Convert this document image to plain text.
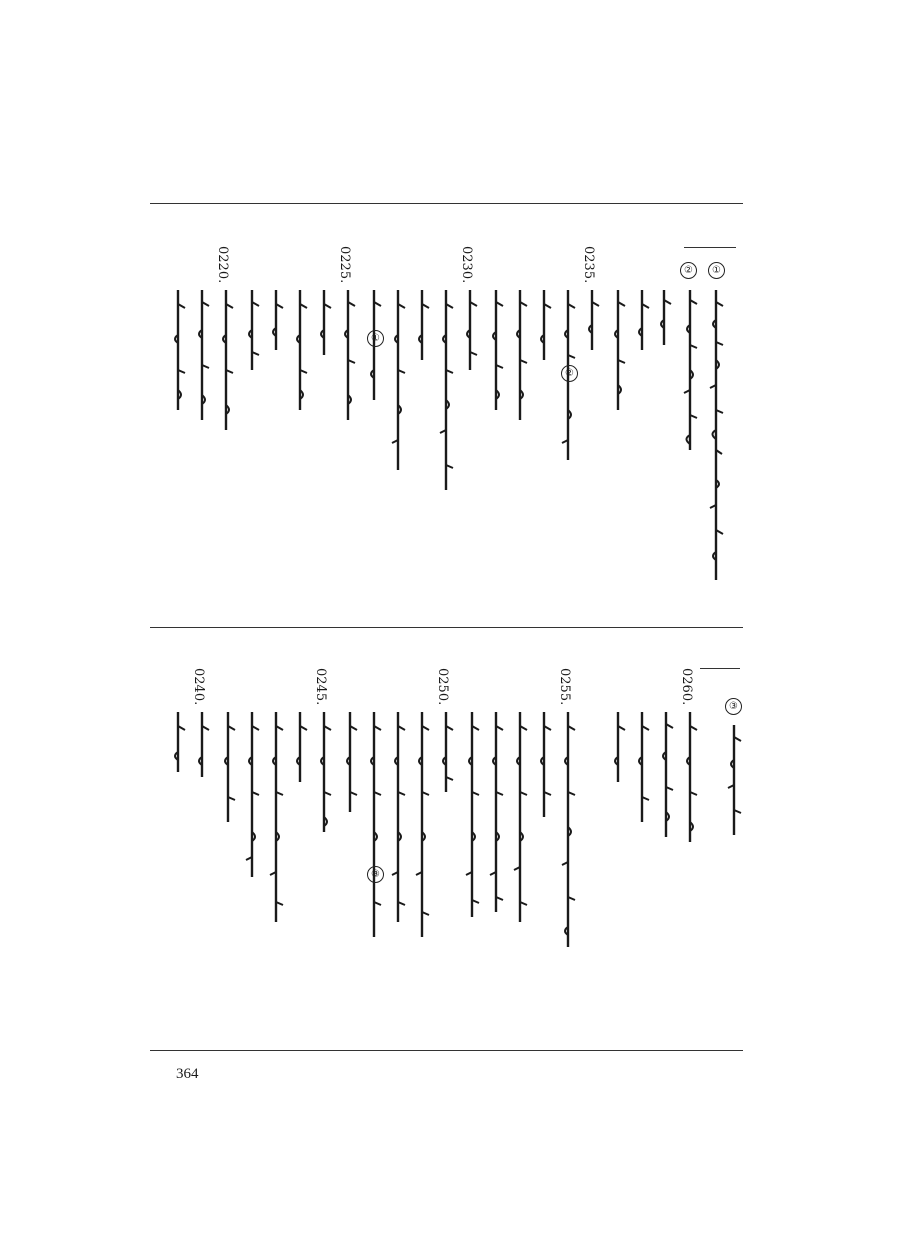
①
②
0235.
②
0230.
①
0225.
0220.
③
0260.
0255.
0250.
③
0245.
0240.
364
